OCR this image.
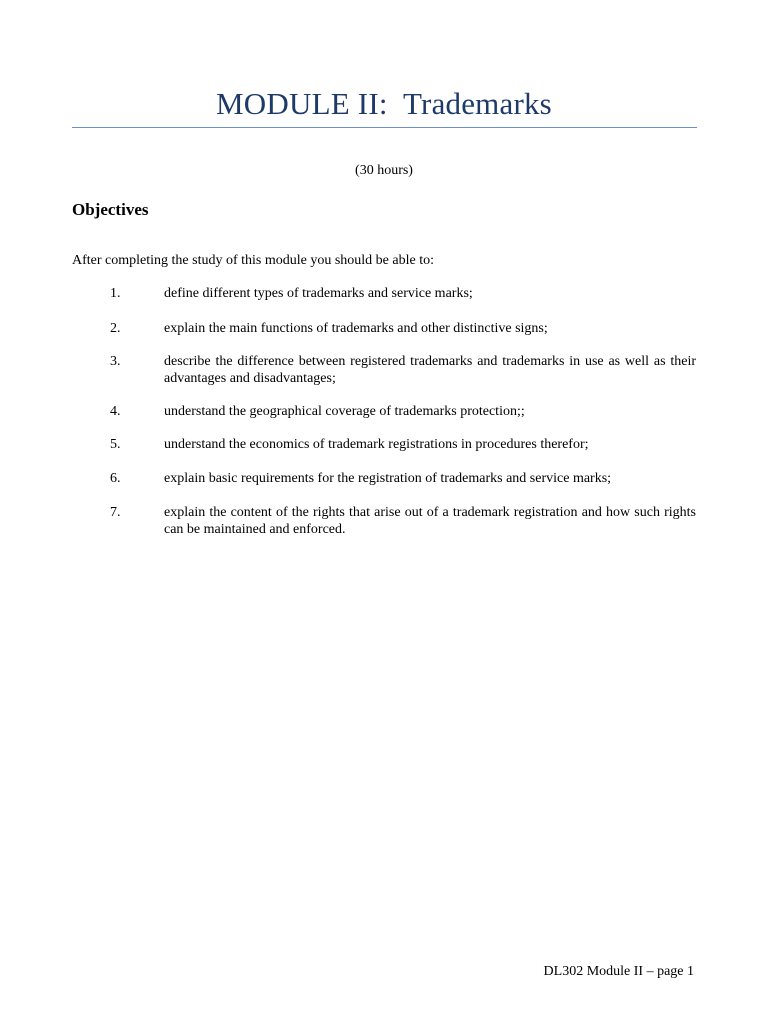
MODULE II:  Trademarks
(30 hours)
Objectives
After completing the study of this module you should be able to:
1.	define different types of trademarks and service marks;
2.	explain the main functions of trademarks and other distinctive signs;
3.	describe the difference between registered trademarks and trademarks in use as well as their advantages and disadvantages;
4.	understand the geographical coverage of trademarks protection;;
5.	understand the economics of trademark registrations in procedures therefor;
6.	explain basic requirements for the registration of trademarks and service marks;
7.	explain the content of the rights that arise out of a trademark registration and how such rights can be maintained and enforced.
DL302 Module II – page 1
